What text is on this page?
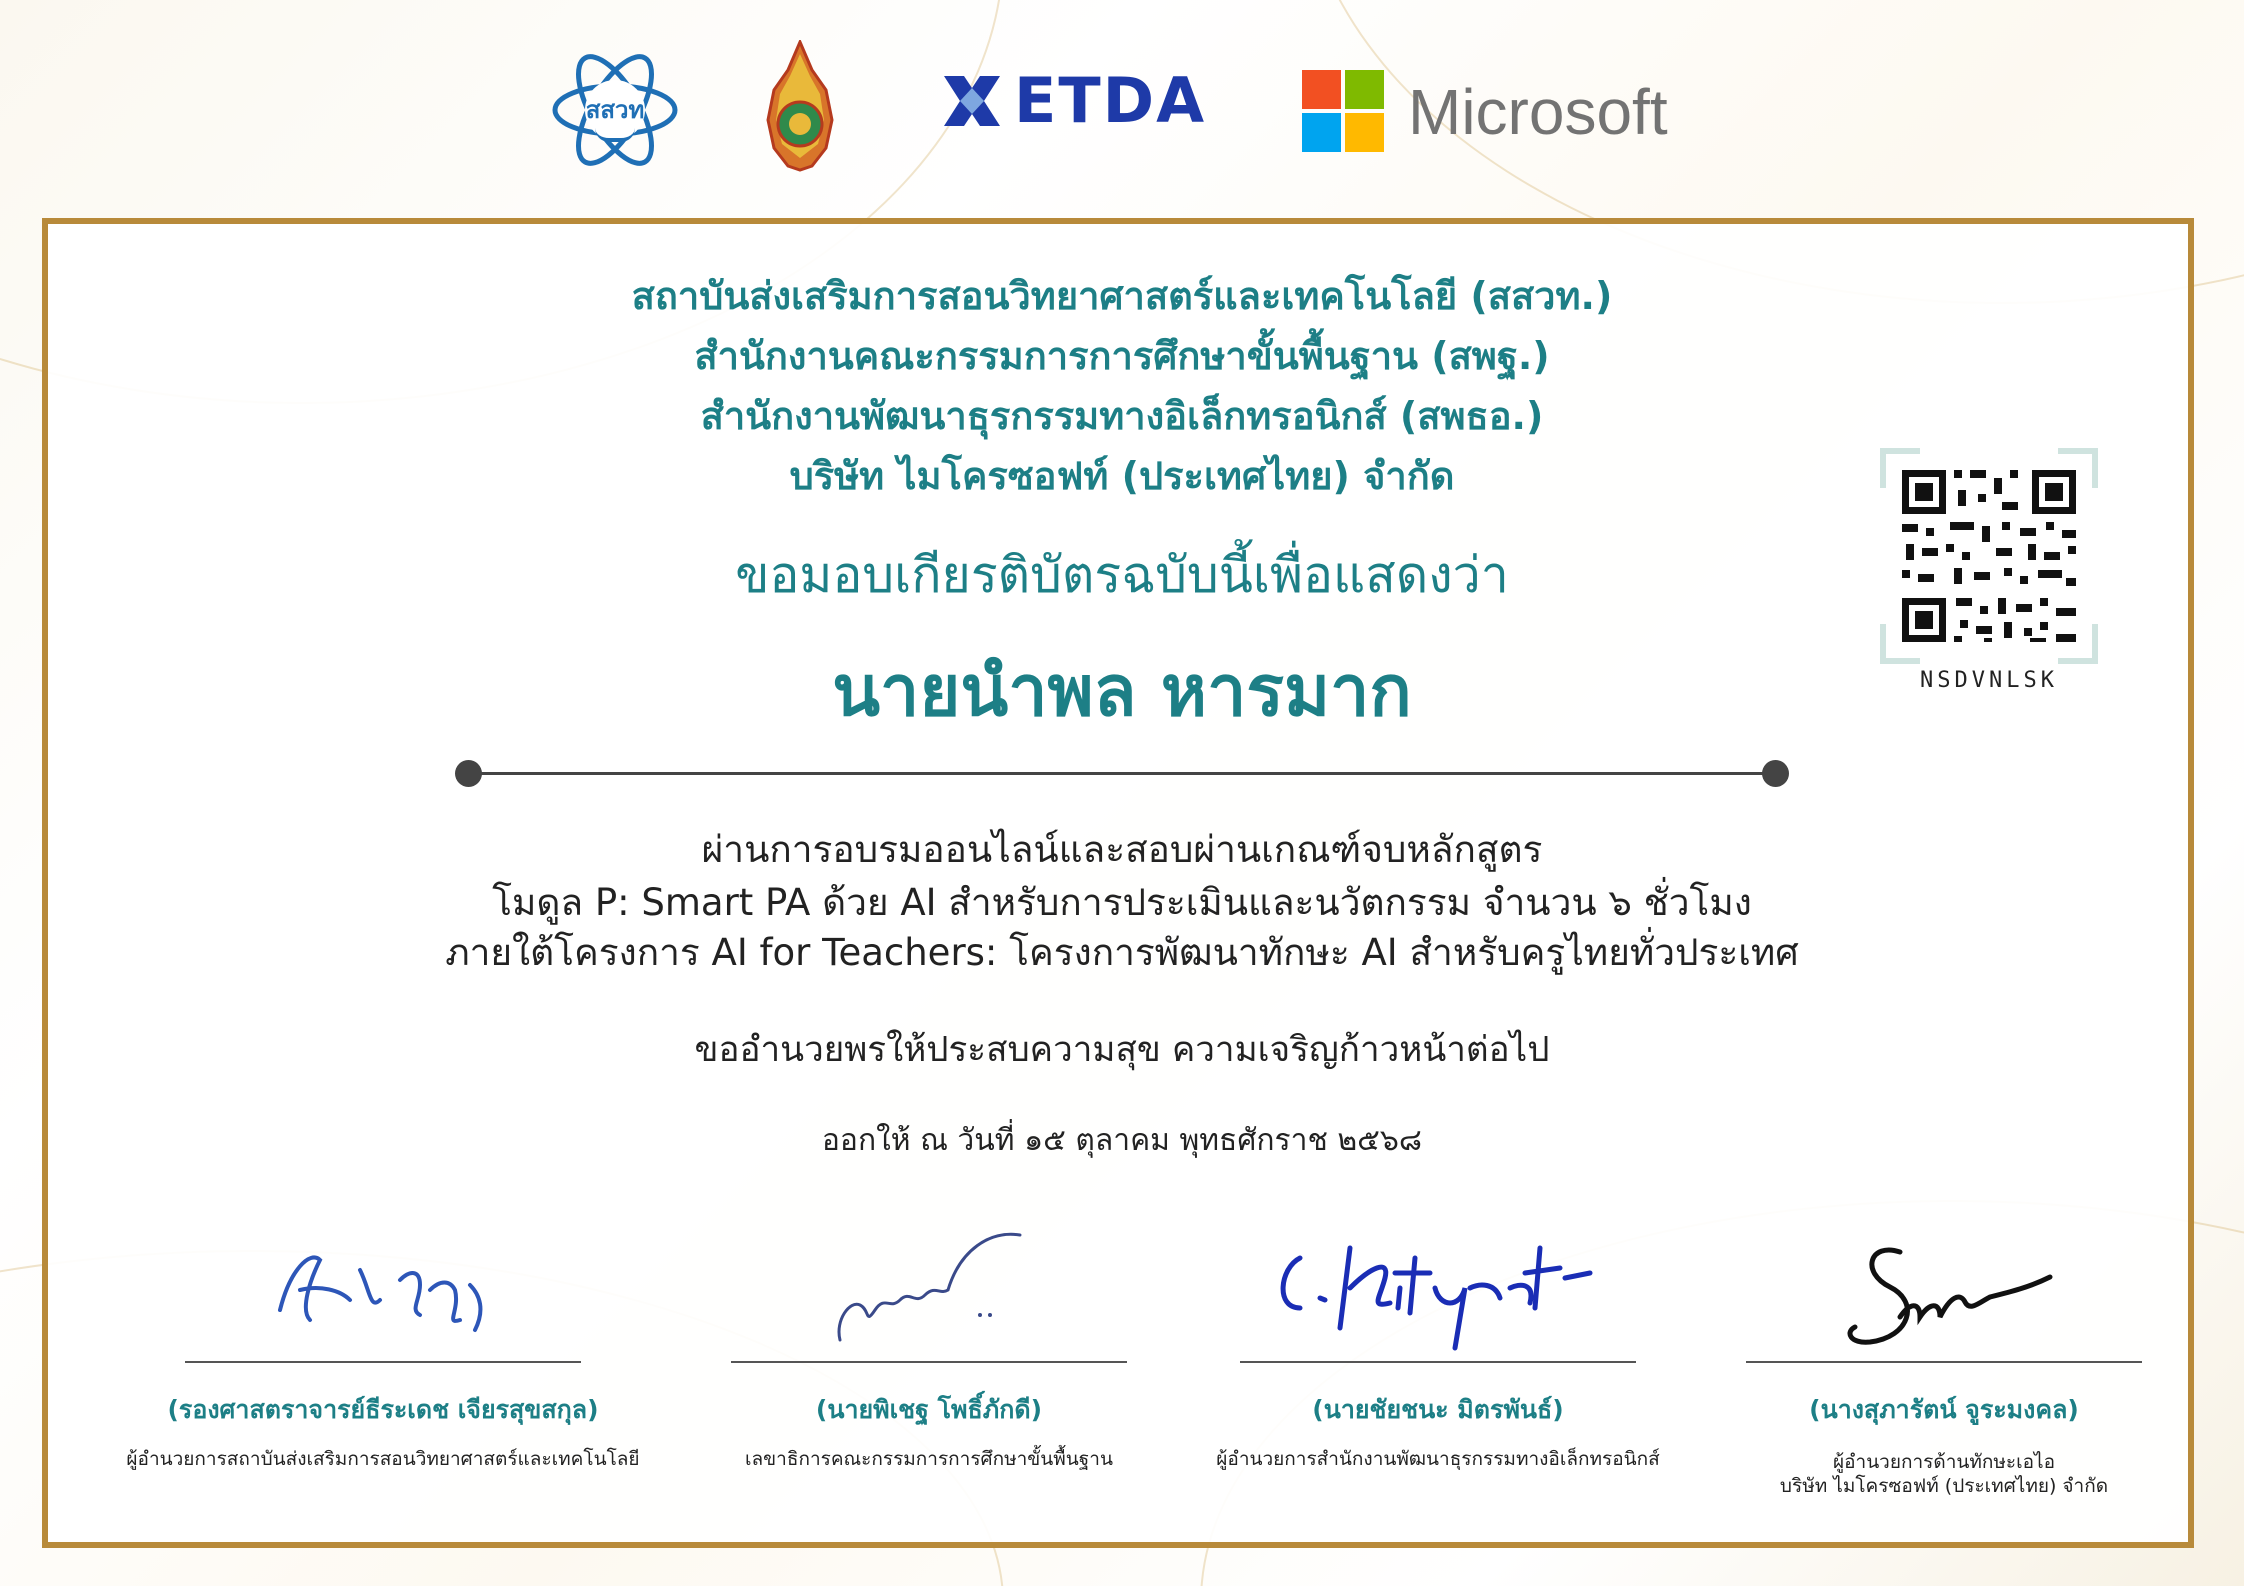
สสวท	ETDA	Microsoft
สถาบันส่งเสริมการสอนวิทยาศาสตร์และเทคโนโลยี (สสวท.)
สำนักงานคณะกรรมการการศึกษาขั้นพื้นฐาน (สพฐ.)
สำนักงานพัฒนาธุรกรรมทางอิเล็กทรอนิกส์ (สพธอ.)
บริษัท ไมโครซอฟท์ (ประเทศไทย) จำกัด
ขอมอบเกียรติบัตรฉบับนี้เพื่อแสดงว่า
นายนำพล หารมาก
ผ่านการอบรมออนไลน์และสอบผ่านเกณฑ์จบหลักสูตร
โมดูล P: Smart PA ด้วย AI สำหรับการประเมินและนวัตกรรม จำนวน ๖ ชั่วโมง
ภายใต้โครงการ AI for Teachers: โครงการพัฒนาทักษะ AI สำหรับครูไทยทั่วประเทศ
ขออำนวยพรให้ประสบความสุข ความเจริญก้าวหน้าต่อไป
ออกให้ ณ วันที่ ๑๕ ตุลาคม พุทธศักราช ๒๕๖๘
NSDVNLSK
(รองศาสตราจารย์ธีระเดช เจียรสุขสกุล)	(นายพิเชฐ โพธิ์ภักดี)	(นายชัยชนะ มิตรพันธ์)	(นางสุภารัตน์ จูระมงคล)
ผู้อำนวยการสถาบันส่งเสริมการสอนวิทยาศาสตร์และเทคโนโลยี	เลขาธิการคณะกรรมการการศึกษาขั้นพื้นฐาน	ผู้อำนวยการสำนักงานพัฒนาธุรกรรมทางอิเล็กทรอนิกส์	ผู้อำนวยการด้านทักษะเอไอ
บริษัท ไมโครซอฟท์ (ประเทศไทย) จำกัด
